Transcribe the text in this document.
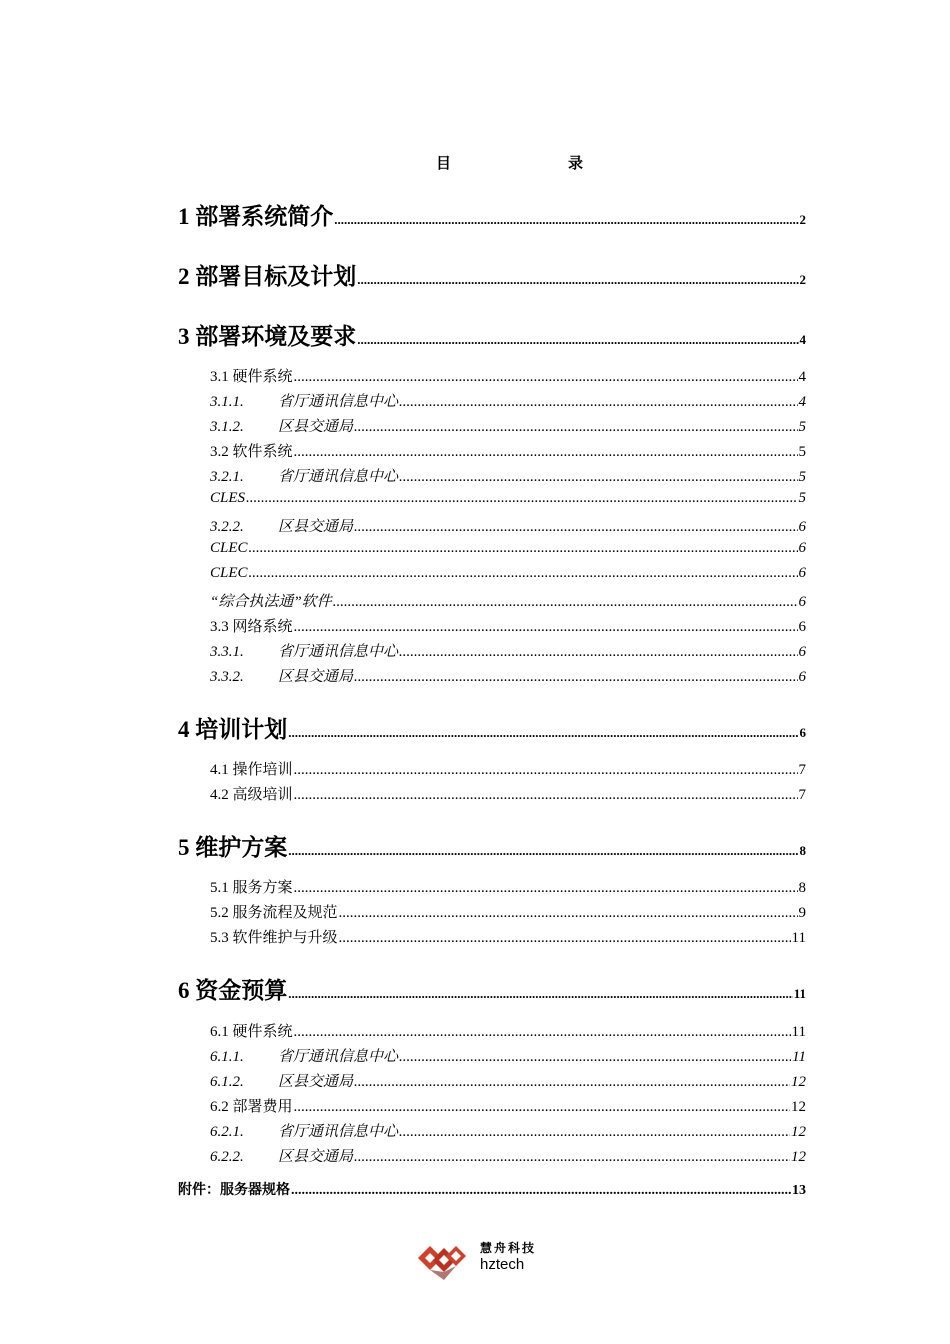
目	录
1 部署系统简介 .....	2
2 部署目标及计划 .....	2
3 部署环境及要求 .....	4
3.1 硬件系统 .....	4
3.1.1. 省厅通讯信息中心 .....	4
3.1.2. 区县交通局 .....	5
3.2 软件系统 .....	5
3.2.1. 省厅通讯信息中心 .....	5
CLES .....	5
3.2.2. 区县交通局 .....	6
CLEC .....	6
CLEC .....	6
“综合执法通”软件 .....	6
3.3 网络系统 .....	6
3.3.1. 省厅通讯信息中心 .....	6
3.3.2. 区县交通局 .....	6
4 培训计划 .....	6
4.1 操作培训 .....	7
4.2 高级培训 .....	7
5 维护方案 .....	8
5.1 服务方案 .....	8
5.2 服务流程及规范 .....	9
5.3 软件维护与升级 .....	11
6 资金预算 .....	11
6.1 硬件系统 .....	11
6.1.1. 省厅通讯信息中心 .....	11
6.1.2. 区县交通局 .....	12
6.2 部署费用 .....	12
6.2.1. 省厅通讯信息中心 .....	12
6.2.2. 区县交通局 .....	12
附件：服务器规格 .....	13
慧舟科技
hztech
